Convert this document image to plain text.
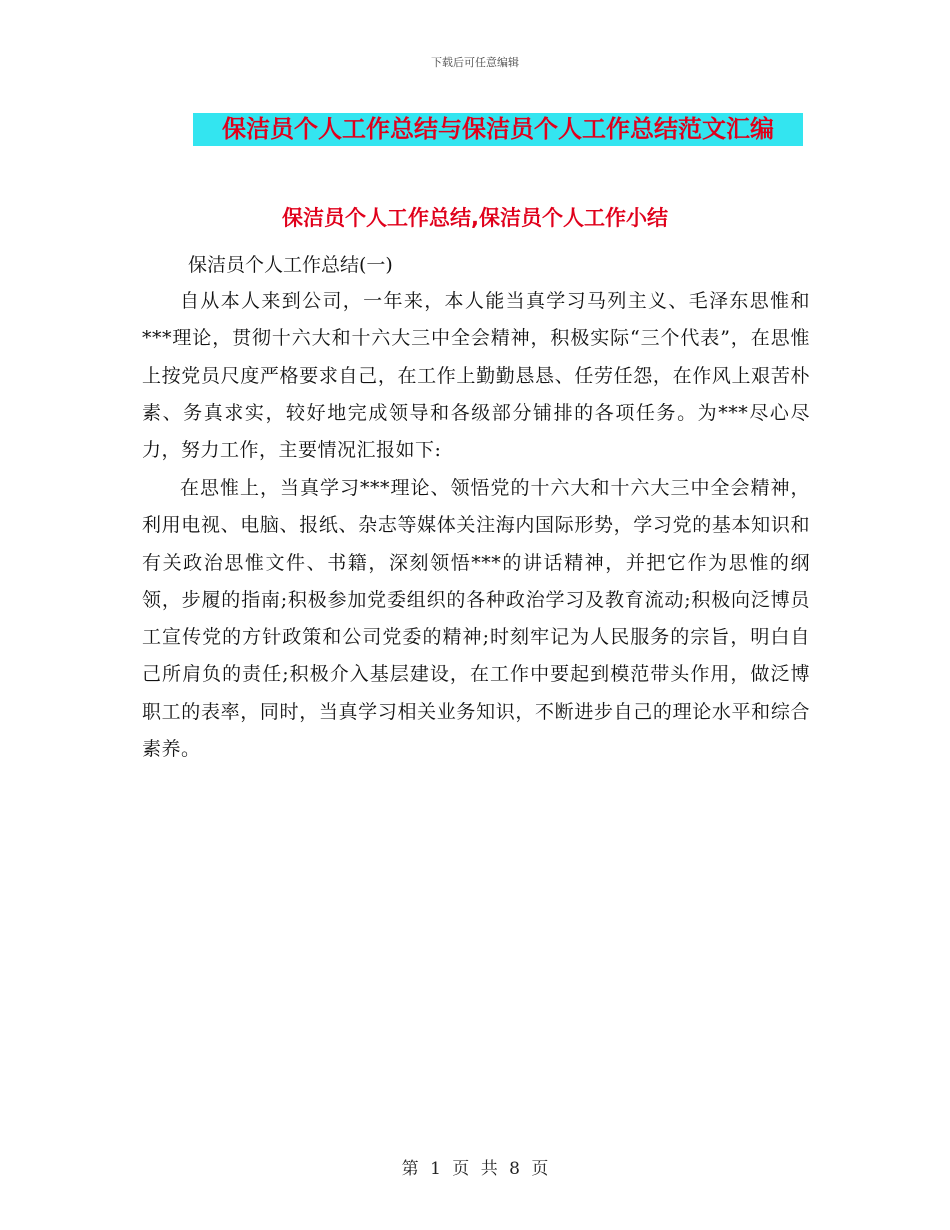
下载后可任意编辑
保洁员个人工作总结与保洁员个人工作总结范文汇编
保洁员个人工作总结,保洁员个人工作小结
保洁员个人工作总结(一)

自从本人来到公司，一年来，本人能当真学习马列主义、毛泽东思惟和***理论，贯彻十六大和十六大三中全会精神，积极实际“三个代表”，在思惟上按党员尺度严格要求自己，在工作上勤勤恳恳、任劳任怨，在作风上艰苦朴素、务真求实，较好地完成领导和各级部分铺排的各项任务。为***尽心尽力，努力工作，主要情况汇报如下:

在思惟上，当真学习***理论、领悟党的十六大和十六大三中全会精神，利用电视、电脑、报纸、杂志等媒体关注海内国际形势，学习党的基本知识和有关政治思惟文件、书籍，深刻领悟***的讲话精神，并把它作为思惟的纲领，步履的指南;积极参加党委组织的各种政治学习及教育流动;积极向泛博员工宣传党的方针政策和公司党委的精神;时刻牢记为人民服务的宗旨，明白自己所肩负的责任;积极介入基层建设，在工作中要起到模范带头作用，做泛博职工的表率，同时，当真学习相关业务知识，不断进步自己的理论水平和综合素养。

第 1 页 共 8 页
